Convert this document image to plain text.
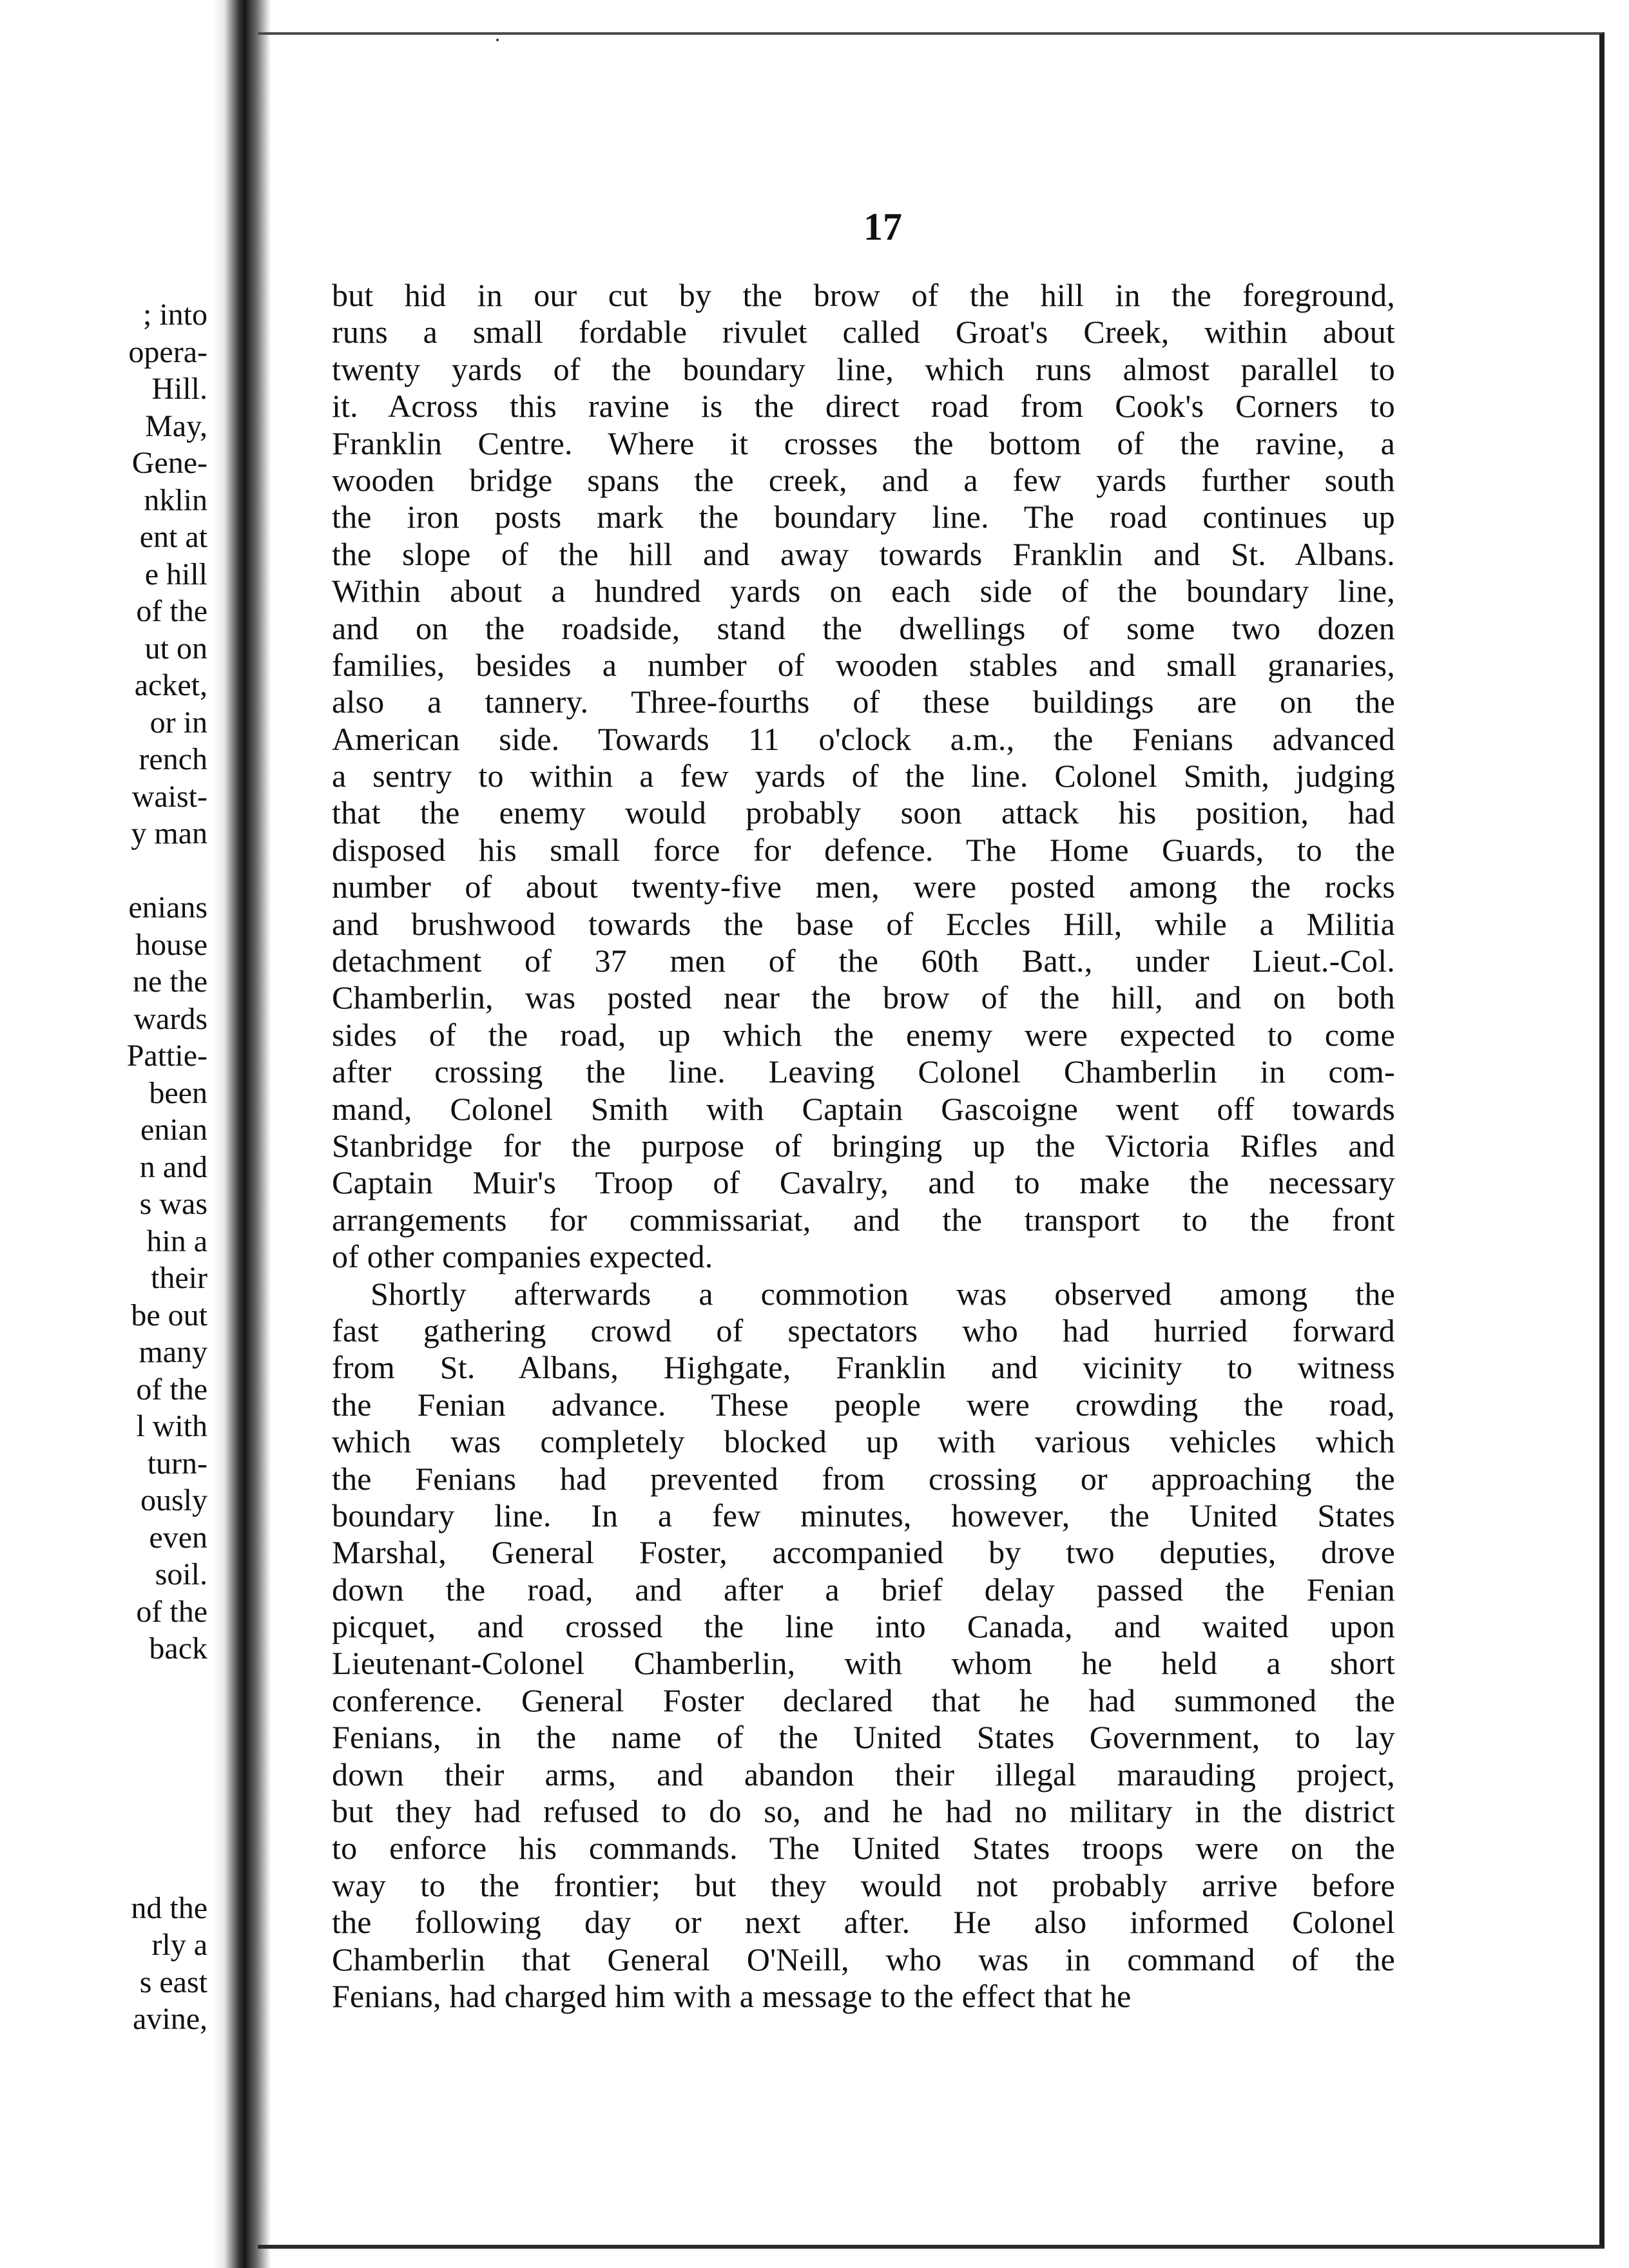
; into
opera-
Hill.
May,
Gene-
nklin
ent at
e hill
of the
ut on
acket,
or in
rench
waist-
y man
enians
house
ne the
wards
Pattie-
been
enian
n and
s was
hin a
their
be out
many
of the
l with
turn-
ously
even
soil.
of the
back
nd the
rly a
s east
avine,
17
but hid in our cut by the brow of the hill in the foreground,
runs a small fordable rivulet called Groat's Creek, within about
twenty yards of the boundary line, which runs almost parallel to
it. Across this ravine is the direct road from Cook's Corners to
Franklin Centre. Where it crosses the bottom of the ravine, a
wooden bridge spans the creek, and a few yards further south
the iron posts mark the boundary line. The road continues up
the slope of the hill and away towards Franklin and St. Albans.
Within about a hundred yards on each side of the boundary line,
and on the roadside, stand the dwellings of some two dozen
families, besides a number of wooden stables and small granaries,
also a tannery. Three-fourths of these buildings are on the
American side. Towards 11 o'clock a.m., the Fenians advanced
a sentry to within a few yards of the line. Colonel Smith, judging
that the enemy would probably soon attack his position, had
disposed his small force for defence. The Home Guards, to the
number of about twenty-five men, were posted among the rocks
and brushwood towards the base of Eccles Hill, while a Militia
detachment of 37 men of the 60th Batt., under Lieut.-Col.
Chamberlin, was posted near the brow of the hill, and on both
sides of the road, up which the enemy were expected to come
after crossing the line. Leaving Colonel Chamberlin in com-
mand, Colonel Smith with Captain Gascoigne went off towards
Stanbridge for the purpose of bringing up the Victoria Rifles and
Captain Muir's Troop of Cavalry, and to make the necessary
arrangements for commissariat, and the transport to the front
of other companies expected.
Shortly afterwards a commotion was observed among the
fast gathering crowd of spectators who had hurried forward
from St. Albans, Highgate, Franklin and vicinity to witness
the Fenian advance. These people were crowding the road,
which was completely blocked up with various vehicles which
the Fenians had prevented from crossing or approaching the
boundary line. In a few minutes, however, the United States
Marshal, General Foster, accompanied by two deputies, drove
down the road, and after a brief delay passed the Fenian
picquet, and crossed the line into Canada, and waited upon
Lieutenant-Colonel Chamberlin, with whom he held a short
conference. General Foster declared that he had summoned the
Fenians, in the name of the United States Government, to lay
down their arms, and abandon their illegal marauding project,
but they had refused to do so, and he had no military in the district
to enforce his commands. The United States troops were on the
way to the frontier; but they would not probably arrive before
the following day or next after. He also informed Colonel
Chamberlin that General O'Neill, who was in command of the
Fenians, had charged him with a message to the effect that he
